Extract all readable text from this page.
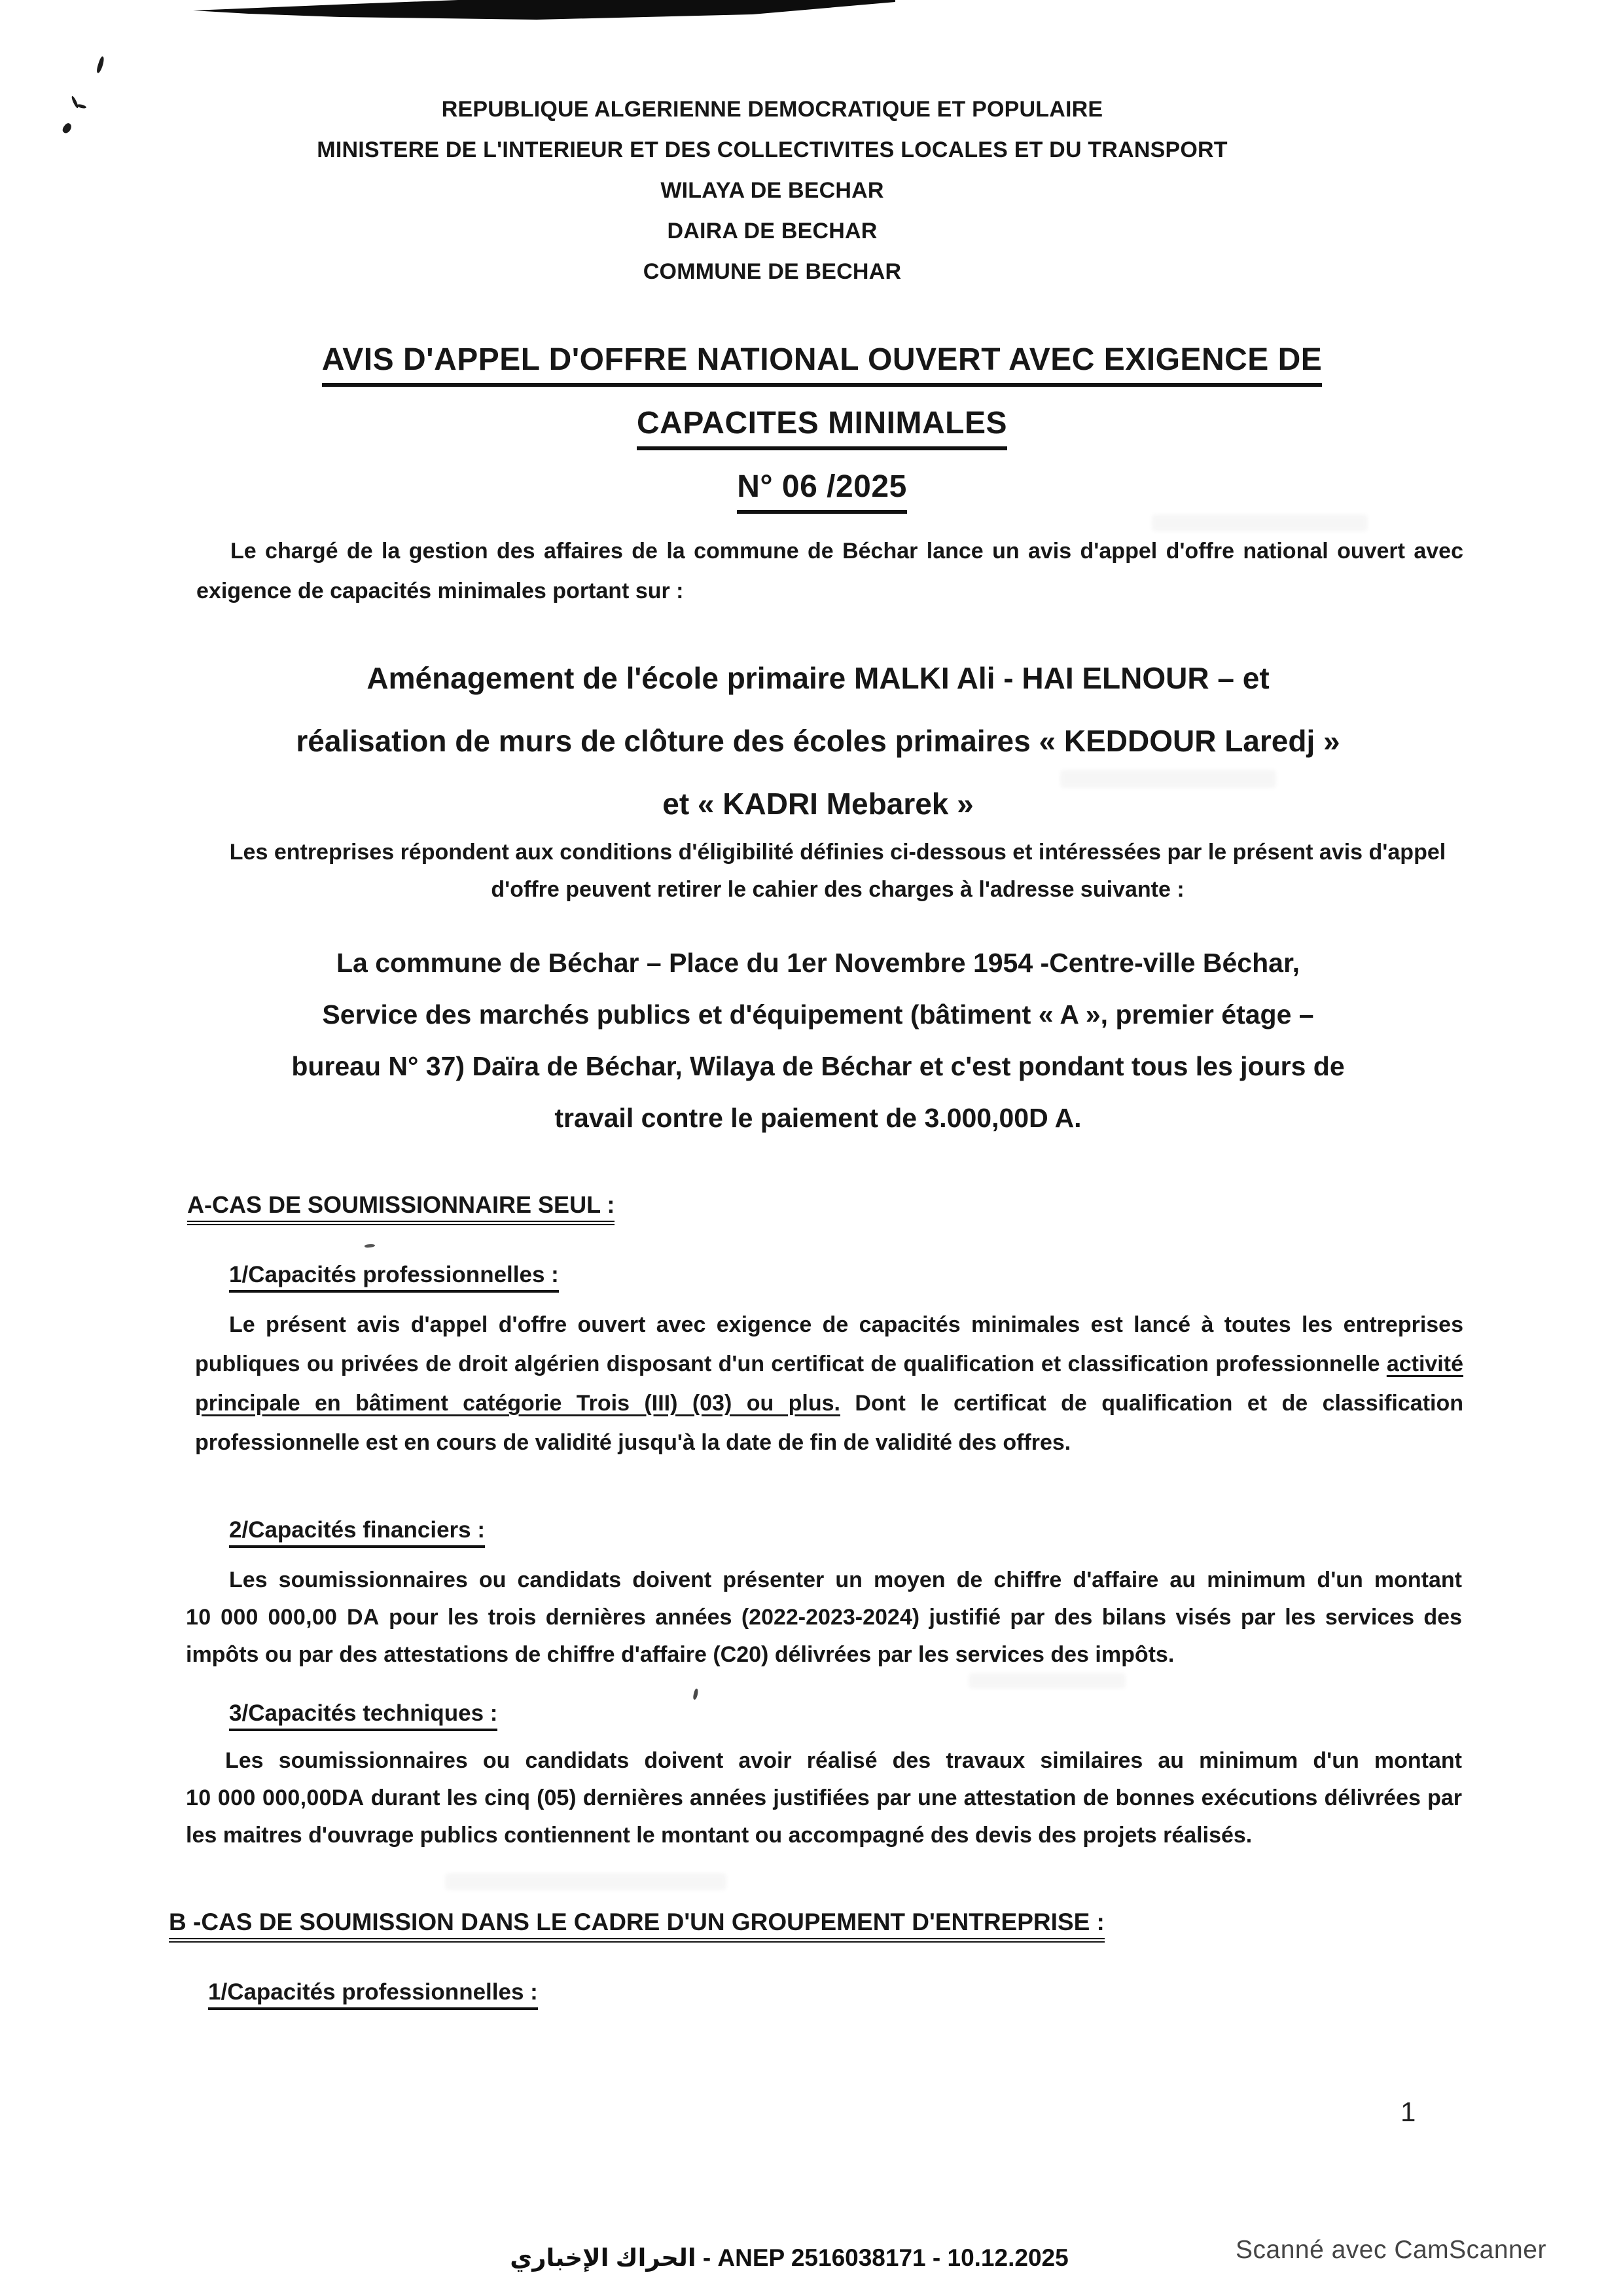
REPUBLIQUE ALGERIENNE DEMOCRATIQUE ET POPULAIRE
MINISTERE DE L'INTERIEUR ET DES COLLECTIVITES LOCALES ET DU TRANSPORT
WILAYA DE BECHAR
DAIRA DE BECHAR
COMMUNE DE BECHAR
AVIS D'APPEL D'OFFRE NATIONAL OUVERT AVEC EXIGENCE DE
CAPACITES MINIMALES
N° 06 /2025

Le chargé de la gestion des affaires de la commune de Béchar lance un avis d'appel d'offre national ouvert avec exigence de capacités minimales portant sur :

Aménagement de l'école primaire MALKI Ali - HAI ELNOUR – et
réalisation de murs de clôture des écoles primaires « KEDDOUR Laredj »
et « KADRI Mebarek »

Les entreprises répondent aux conditions d'éligibilité définies ci-dessous et intéressées par le présent avis d'appel d'offre peuvent retirer le cahier des charges à l'adresse suivante :

La commune de Béchar – Place du 1er Novembre 1954 -Centre-ville Béchar,
Service des marchés publics et d'équipement (bâtiment « A », premier étage –
bureau N° 37) Daïra de Béchar, Wilaya de Béchar et c'est pondant tous les jours de
travail contre le paiement de 3.000,00D A.
A-CAS DE SOUMISSIONNAIRE SEUL :
1/Capacités professionnelles :

Le présent avis d'appel d'offre ouvert avec exigence de capacités minimales est lancé à toutes les entreprises publiques ou privées de droit algérien disposant d'un certificat de qualification et classification professionnelle activité principale en bâtiment catégorie Trois (III) (03) ou plus. Dont le certificat de qualification et de classification professionnelle est en cours de validité jusqu'à la date de fin de validité des offres.

2/Capacités financiers :

Les soumissionnaires ou candidats doivent présenter un moyen de chiffre d'affaire au minimum d'un montant 10 000 000,00 DA pour les trois dernières années (2022-2023-2024) justifié par des bilans visés par les services des impôts ou par des attestations de chiffre d'affaire (C20) délivrées par les services des impôts.

3/Capacités techniques :

Les soumissionnaires ou candidats doivent avoir réalisé des travaux similaires au minimum d'un montant 10 000 000,00DA durant les cinq (05) dernières années justifiées par une attestation de bonnes exécutions délivrées par les maitres d'ouvrage publics contiennent le montant ou accompagné des devis des projets réalisés.

B -CAS DE SOUMISSION DANS LE CADRE D'UN GROUPEMENT D'ENTREPRISE :
1/Capacités professionnelles :
1
الحراك الإخباري - ANEP 2516038171 - 10.12.2025	Scanné avec CamScanner
